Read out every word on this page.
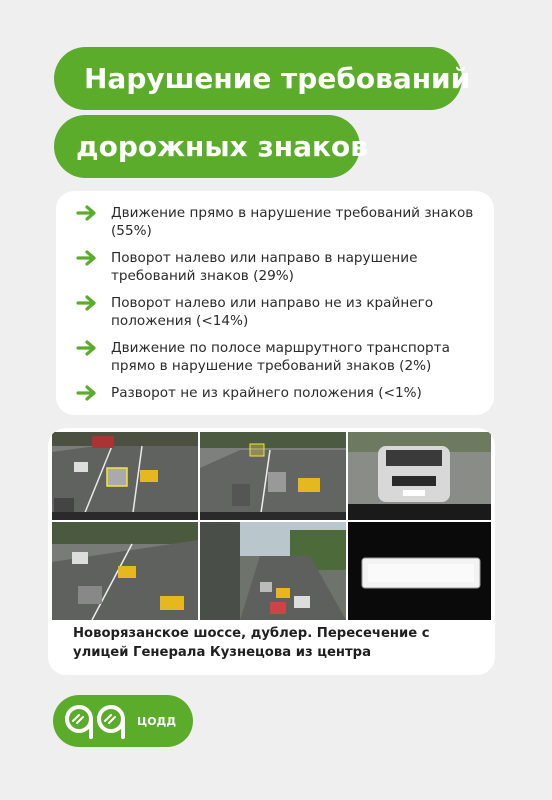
Нарушение требований
дорожных знаков
Движение прямо в нарушение требований знаков (55%)
Поворот налево или направо в нарушение требований знаков (29%)
Поворот налево или направо не из крайнего положения (<14%)
Движение по полосе маршрутного транспорта прямо в нарушение требований знаков (2%)
Разворот не из крайнего положения (<1%)
Новорязанское шоссе, дублер. Пересечение с улицей Генерала Кузнецова из центра
ЦОДД
